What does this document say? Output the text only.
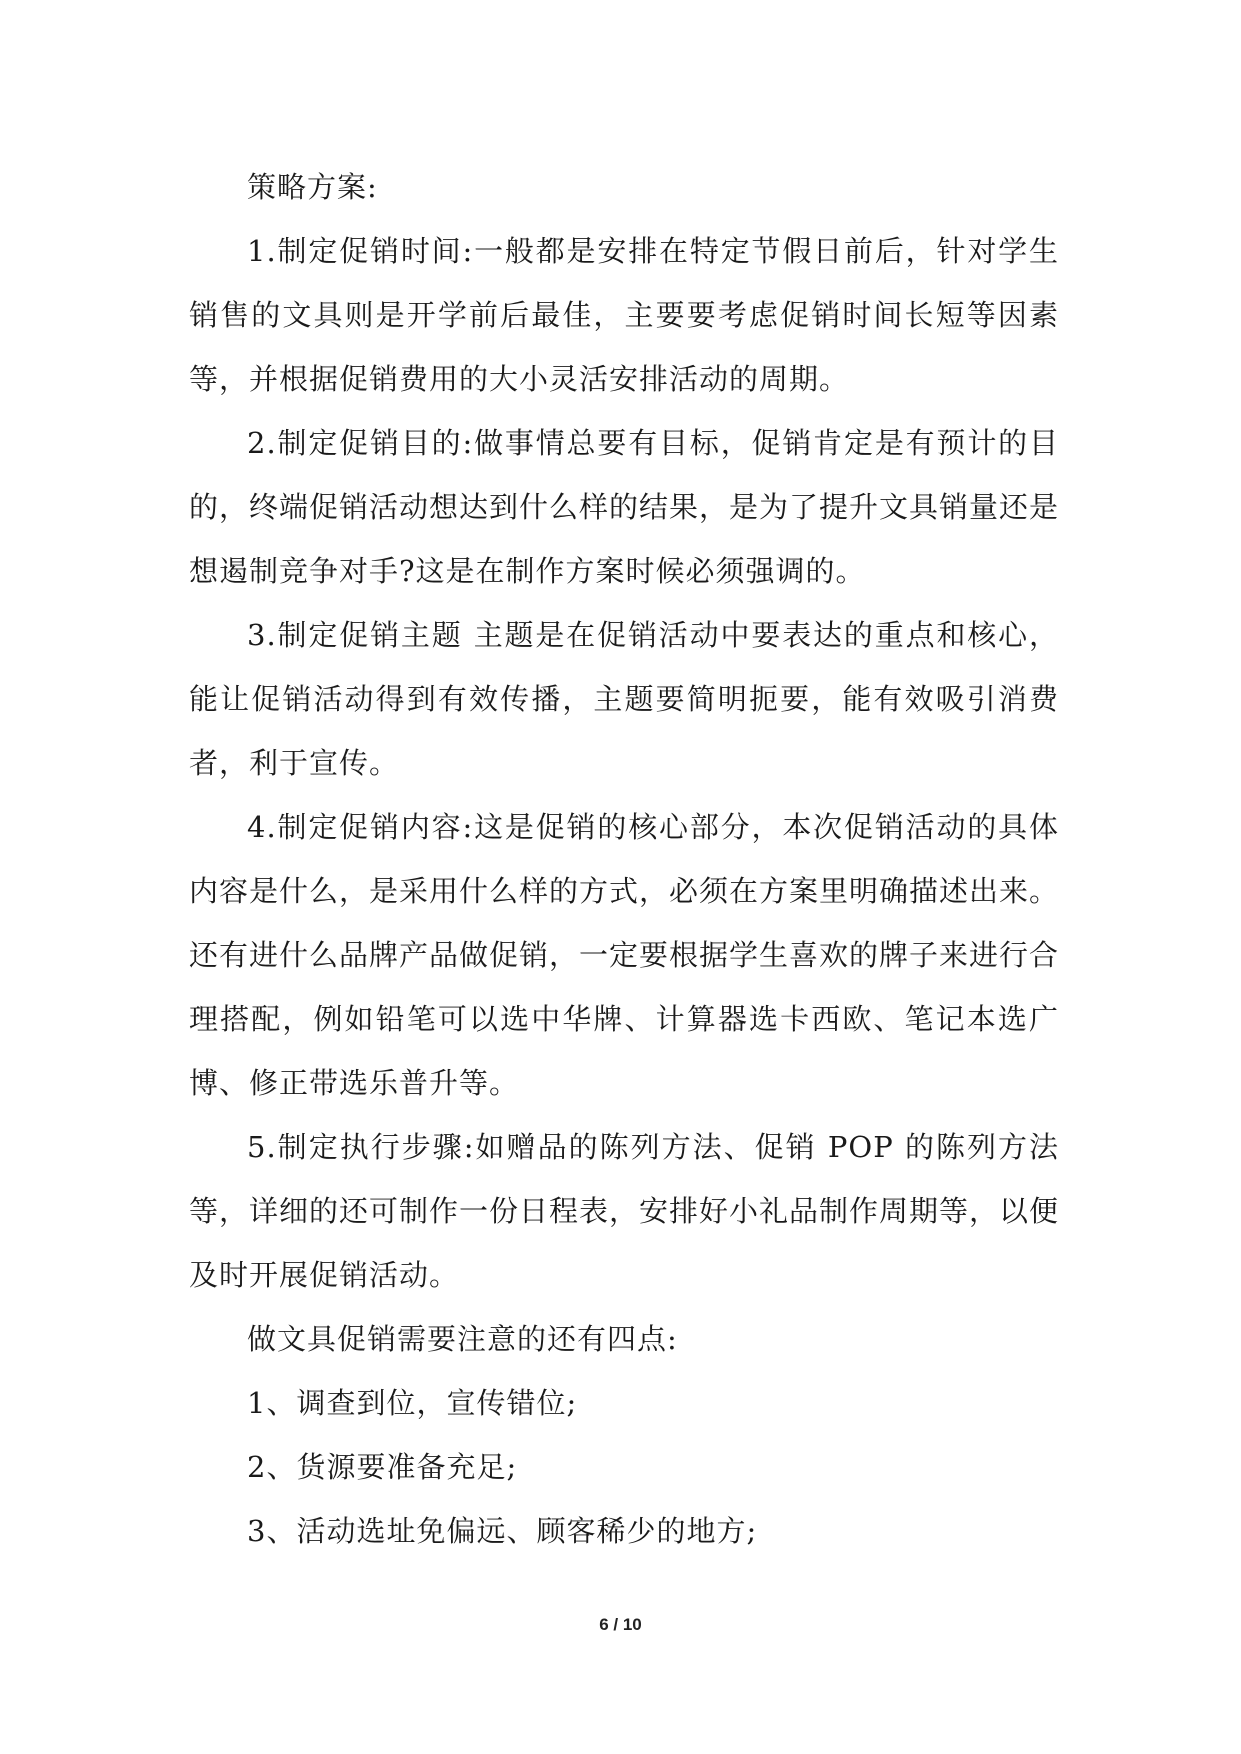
策略方案:

1.制定促销时间:一般都是安排在特定节假日前后，针对学生销售的文具则是开学前后最佳，主要要考虑促销时间长短等因素等，并根据促销费用的大小灵活安排活动的周期。

2.制定促销目的:做事情总要有目标，促销肯定是有预计的目的，终端促销活动想达到什么样的结果，是为了提升文具销量还是想遏制竞争对手?这是在制作方案时候必须强调的。

3.制定促销主题 主题是在促销活动中要表达的重点和核心，能让促销活动得到有效传播，主题要简明扼要，能有效吸引消费者，利于宣传。

4.制定促销内容:这是促销的核心部分，本次促销活动的具体内容是什么，是采用什么样的方式，必须在方案里明确描述出来。还有进什么品牌产品做促销，一定要根据学生喜欢的牌子来进行合理搭配，例如铅笔可以选中华牌、计算器选卡西欧、笔记本选广博、修正带选乐普升等。

5.制定执行步骤:如赠品的陈列方法、促销 POP 的陈列方法等，详细的还可制作一份日程表，安排好小礼品制作周期等，以便及时开展促销活动。

做文具促销需要注意的还有四点:

1、调查到位，宣传错位;

2、货源要准备充足;

3、活动选址免偏远、顾客稀少的地方;

6 / 10
